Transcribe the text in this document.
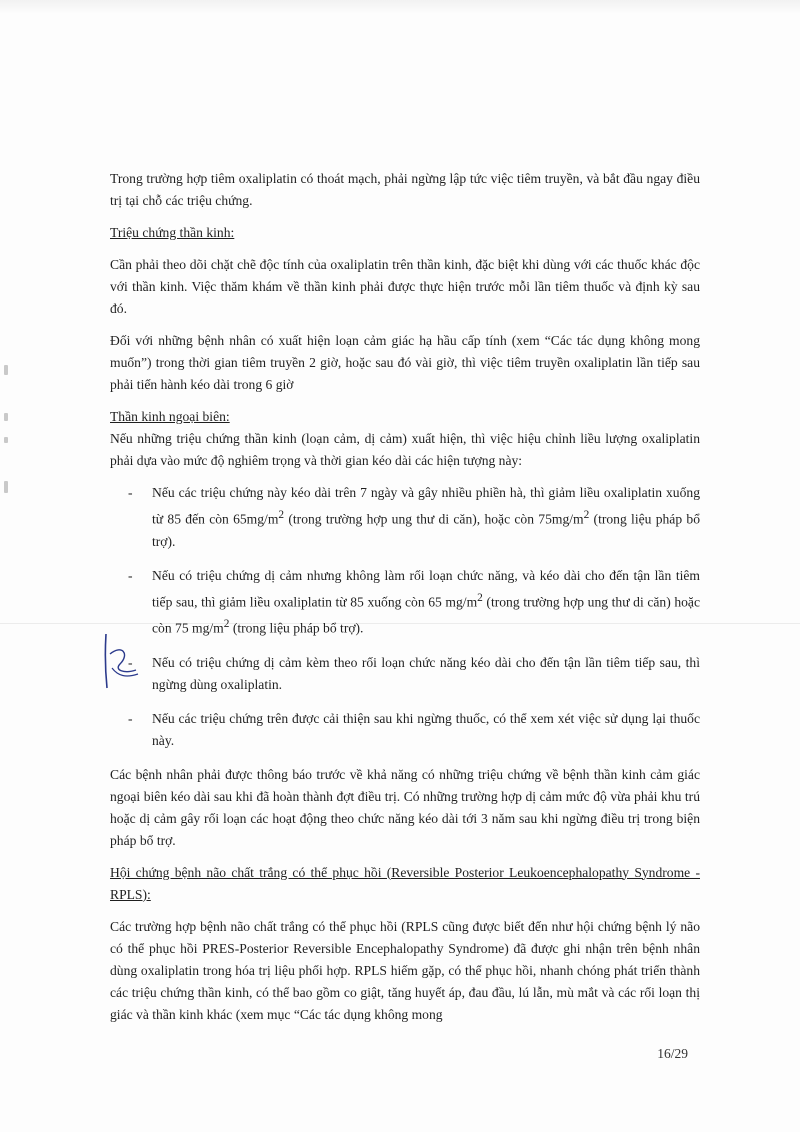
Trong trường hợp tiêm oxaliplatin có thoát mạch, phải ngừng lập tức việc tiêm truyền, và bắt đầu ngay điều trị tại chỗ các triệu chứng.

Triệu chứng thần kinh:

Cần phải theo dõi chặt chẽ độc tính của oxaliplatin trên thần kinh, đặc biệt khi dùng với các thuốc khác độc với thần kinh. Việc thăm khám về thần kinh phải được thực hiện trước mỗi lần tiêm thuốc và định kỳ sau đó.

Đối với những bệnh nhân có xuất hiện loạn cảm giác hạ hầu cấp tính (xem “Các tác dụng không mong muốn”) trong thời gian tiêm truyền 2 giờ, hoặc sau đó vài giờ, thì việc tiêm truyền oxaliplatin lần tiếp sau phải tiến hành kéo dài trong 6 giờ

Thần kinh ngoại biên:

Nếu những triệu chứng thần kinh (loạn cảm, dị cảm) xuất hiện, thì việc hiệu chỉnh liều lượng oxaliplatin phải dựa vào mức độ nghiêm trọng và thời gian kéo dài các hiện tượng này:

- Nếu các triệu chứng này kéo dài trên 7 ngày và gây nhiều phiền hà, thì giảm liều oxaliplatin xuống từ 85 đến còn $65mg/m^2$ (trong trường hợp ung thư di căn), hoặc còn $75mg/m^2$ (trong liệu pháp bổ trợ).
- Nếu có triệu chứng dị cảm nhưng không làm rối loạn chức năng, và kéo dài cho đến tận lần tiêm tiếp sau, thì giảm liều oxaliplatin từ 85 xuống còn 65 $mg/m^2$ (trong trường hợp ung thư di căn) hoặc còn 75 $mg/m^2$ (trong liệu pháp bổ trợ).
- Nếu có triệu chứng dị cảm kèm theo rối loạn chức năng kéo dài cho đến tận lần tiêm tiếp sau, thì ngừng dùng oxaliplatin.
- Nếu các triệu chứng trên được cải thiện sau khi ngừng thuốc, có thể xem xét việc sử dụng lại thuốc này.

Các bệnh nhân phải được thông báo trước về khả năng có những triệu chứng về bệnh thần kinh cảm giác ngoại biên kéo dài sau khi đã hoàn thành đợt điều trị. Có những trường hợp dị cảm mức độ vừa phải khu trú hoặc dị cảm gây rối loạn các hoạt động theo chức năng kéo dài tới 3 năm sau khi ngừng điều trị trong biện pháp bổ trợ.

Hội chứng bệnh não chất trắng có thể phục hồi (Reversible Posterior Leukoencephalopathy Syndrome - RPLS):

Các trường hợp bệnh não chất trắng có thể phục hồi (RPLS cũng được biết đến như hội chứng bệnh lý não có thể phục hồi PRES-Posterior Reversible Encephalopathy Syndrome) đã được ghi nhận trên bệnh nhân dùng oxaliplatin trong hóa trị liệu phối hợp. RPLS hiếm gặp, có thể phục hồi, nhanh chóng phát triển thành các triệu chứng thần kinh, có thể bao gồm co giật, tăng huyết áp, đau đầu, lú lẫn, mù mắt và các rối loạn thị giác và thần kinh khác (xem mục “Các tác dụng không mong

16/29
